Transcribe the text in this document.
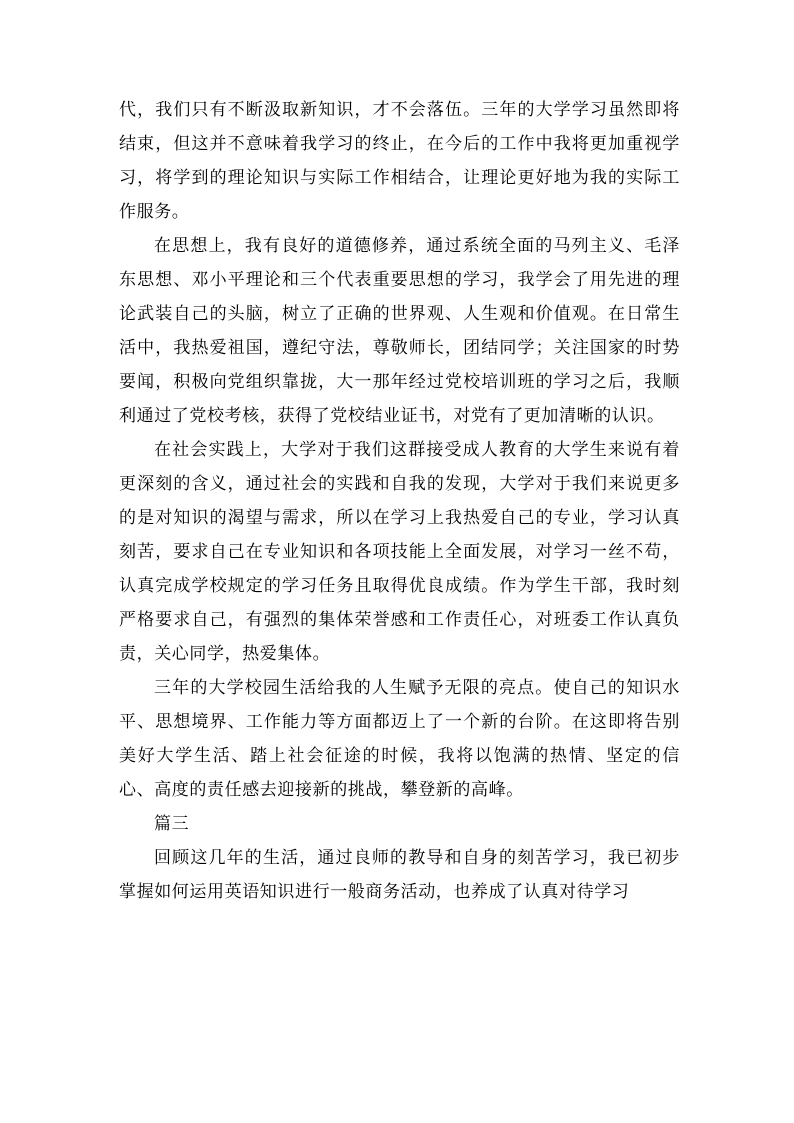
代，我们只有不断汲取新知识，才不会落伍。三年的大学学习虽然即将结束，但这并不意味着我学习的终止，在今后的工作中我将更加重视学习，将学到的理论知识与实际工作相结合，让理论更好地为我的实际工作服务。

在思想上，我有良好的道德修养，通过系统全面的马列主义、毛泽东思想、邓小平理论和三个代表重要思想的学习，我学会了用先进的理论武装自己的头脑，树立了正确的世界观、人生观和价值观。在日常生活中，我热爱祖国，遵纪守法，尊敬师长，团结同学；关注国家的时势要闻，积极向党组织靠拢，大一那年经过党校培训班的学习之后，我顺利通过了党校考核，获得了党校结业证书，对党有了更加清晰的认识。

在社会实践上，大学对于我们这群接受成人教育的大学生来说有着更深刻的含义，通过社会的实践和自我的发现，大学对于我们来说更多的是对知识的渴望与需求，所以在学习上我热爱自己的专业，学习认真刻苦，要求自己在专业知识和各项技能上全面发展，对学习一丝不苟，认真完成学校规定的学习任务且取得优良成绩。作为学生干部，我时刻严格要求自己，有强烈的集体荣誉感和工作责任心，对班委工作认真负责，关心同学，热爱集体。

三年的大学校园生活给我的人生赋予无限的亮点。使自己的知识水平、思想境界、工作能力等方面都迈上了一个新的台阶。在这即将告别美好大学生活、踏上社会征途的时候，我将以饱满的热情、坚定的信心、高度的责任感去迎接新的挑战，攀登新的高峰。

篇三

回顾这几年的生活，通过良师的教导和自身的刻苦学习，我已初步掌握如何运用英语知识进行一般商务活动，也养成了认真对待学习
